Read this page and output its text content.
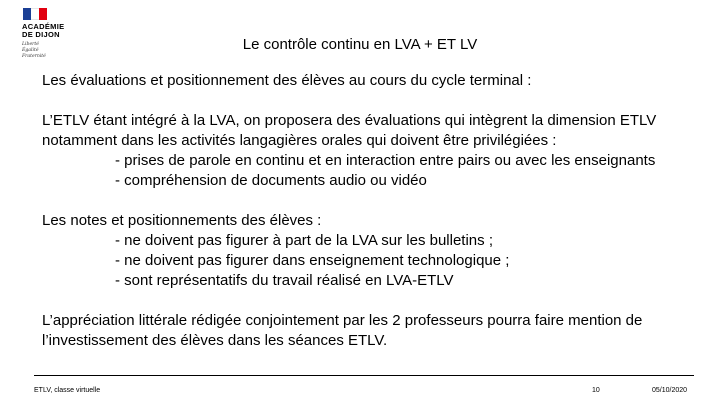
ACADÉMIE
DE DIJON
Liberté
Égalité
Fraternité
Le contrôle continu en LVA + ET LV

Les évaluations et positionnement des élèves au cours du cycle terminal :

L’ETLV étant intégré à la LVA, on proposera des évaluations qui intègrent la dimension ETLV notamment dans les activités langagières orales qui doivent être privilégiées :

- prises de parole en continu et en interaction entre pairs ou avec les enseignants

- compréhension de documents audio ou vidéo

Les notes et positionnements des élèves :

- ne doivent pas figurer à part de la LVA sur les bulletins ;

- ne doivent pas figurer dans enseignement technologique ;

- sont représentatifs du travail réalisé en LVA-ETLV

L’appréciation littérale rédigée conjointement par les 2 professeurs pourra faire mention de l’investissement des élèves dans les séances ETLV.

ETLV, classe virtuelle	10	05/10/2020
